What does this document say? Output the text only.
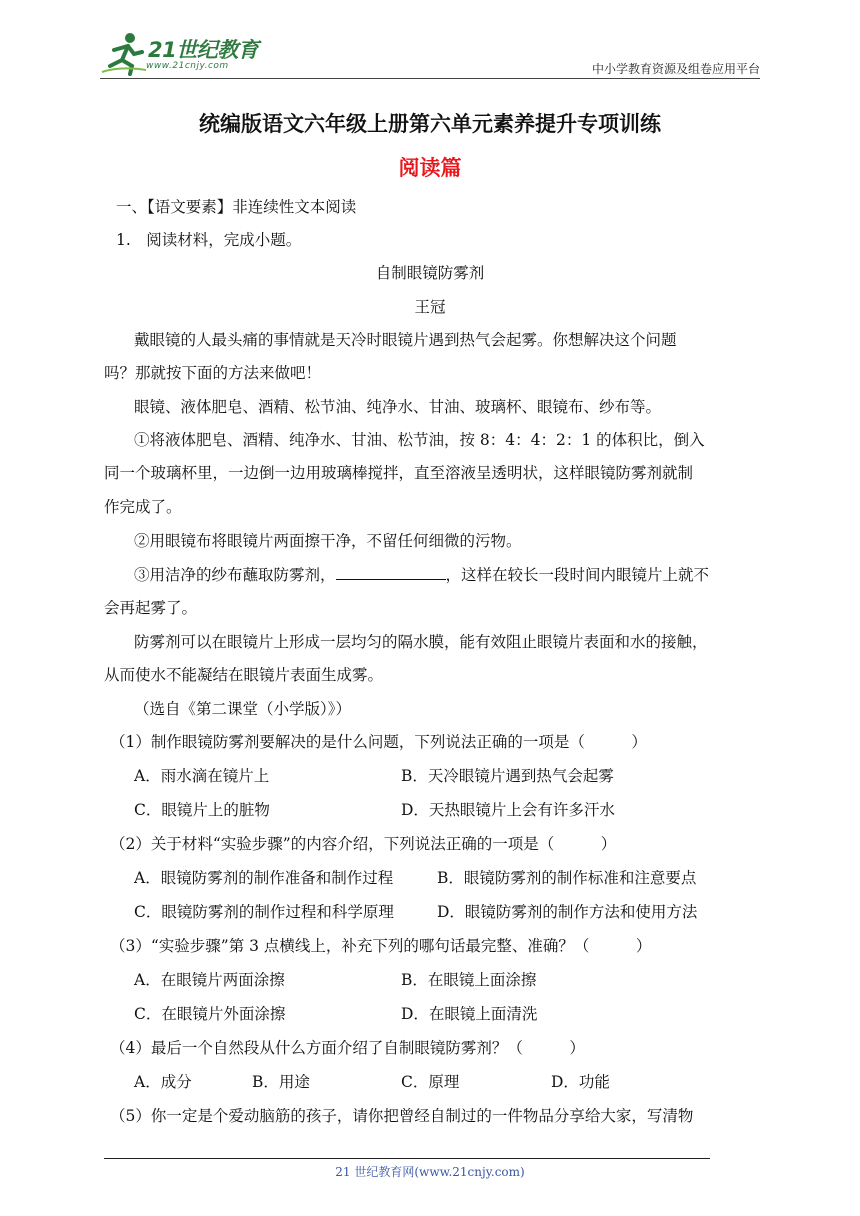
21世纪教育
www.21cnjy.com	中小学教育资源及组卷应用平台
统编版语文六年级上册第六单元素养提升专项训练
阅读篇
一、【语文要素】非连续性文本阅读
1.　阅读材料，完成小题。
自制眼镜防雾剂
王冠
戴眼镜的人最头痛的事情就是天冷时眼镜片遇到热气会起雾。你想解决这个问题
吗？那就按下面的方法来做吧！
眼镜、液体肥皂、酒精、松节油、纯净水、甘油、玻璃杯、眼镜布、纱布等。
①将液体肥皂、酒精、纯净水、甘油、松节油，按 8：4：4：2：1 的体积比，倒入
同一个玻璃杯里，一边倒一边用玻璃棒搅拌，直至溶液呈透明状，这样眼镜防雾剂就制
作完成了。
②用眼镜布将眼镜片两面擦干净，不留任何细微的污物。
③用洁净的纱布蘸取防雾剂，	，这样在较长一段时间内眼镜片上就不
会再起雾了。
防雾剂可以在眼镜片上形成一层均匀的隔水膜，能有效阻止眼镜片表面和水的接触，
从而使水不能凝结在眼镜片表面生成雾。
（选自《第二课堂（小学版）》）
（1）制作眼镜防雾剂要解决的是什么问题，下列说法正确的一项是（　　　）
A．雨水滴在镜片上	B．天冷眼镜片遇到热气会起雾
C．眼镜片上的脏物	D．天热眼镜片上会有许多汗水
（2）关于材料“实验步骤”的内容介绍，下列说法正确的一项是（　　　）
A．眼镜防雾剂的制作准备和制作过程	B．眼镜防雾剂的制作标准和注意要点
C．眼镜防雾剂的制作过程和科学原理	D．眼镜防雾剂的制作方法和使用方法
（3）“实验步骤”第 3 点横线上，补充下列的哪句话最完整、准确？（　　　）
A．在眼镜片两面涂擦	B．在眼镜上面涂擦
C．在眼镜片外面涂擦	D．在眼镜上面清洗
（4）最后一个自然段从什么方面介绍了自制眼镜防雾剂？（　　　）
A．成分	B．用途	C．原理	D．功能
（5）你一定是个爱动脑筋的孩子，请你把曾经自制过的一件物品分享给大家，写清物
21 世纪教育网(www.21cnjy.com)
